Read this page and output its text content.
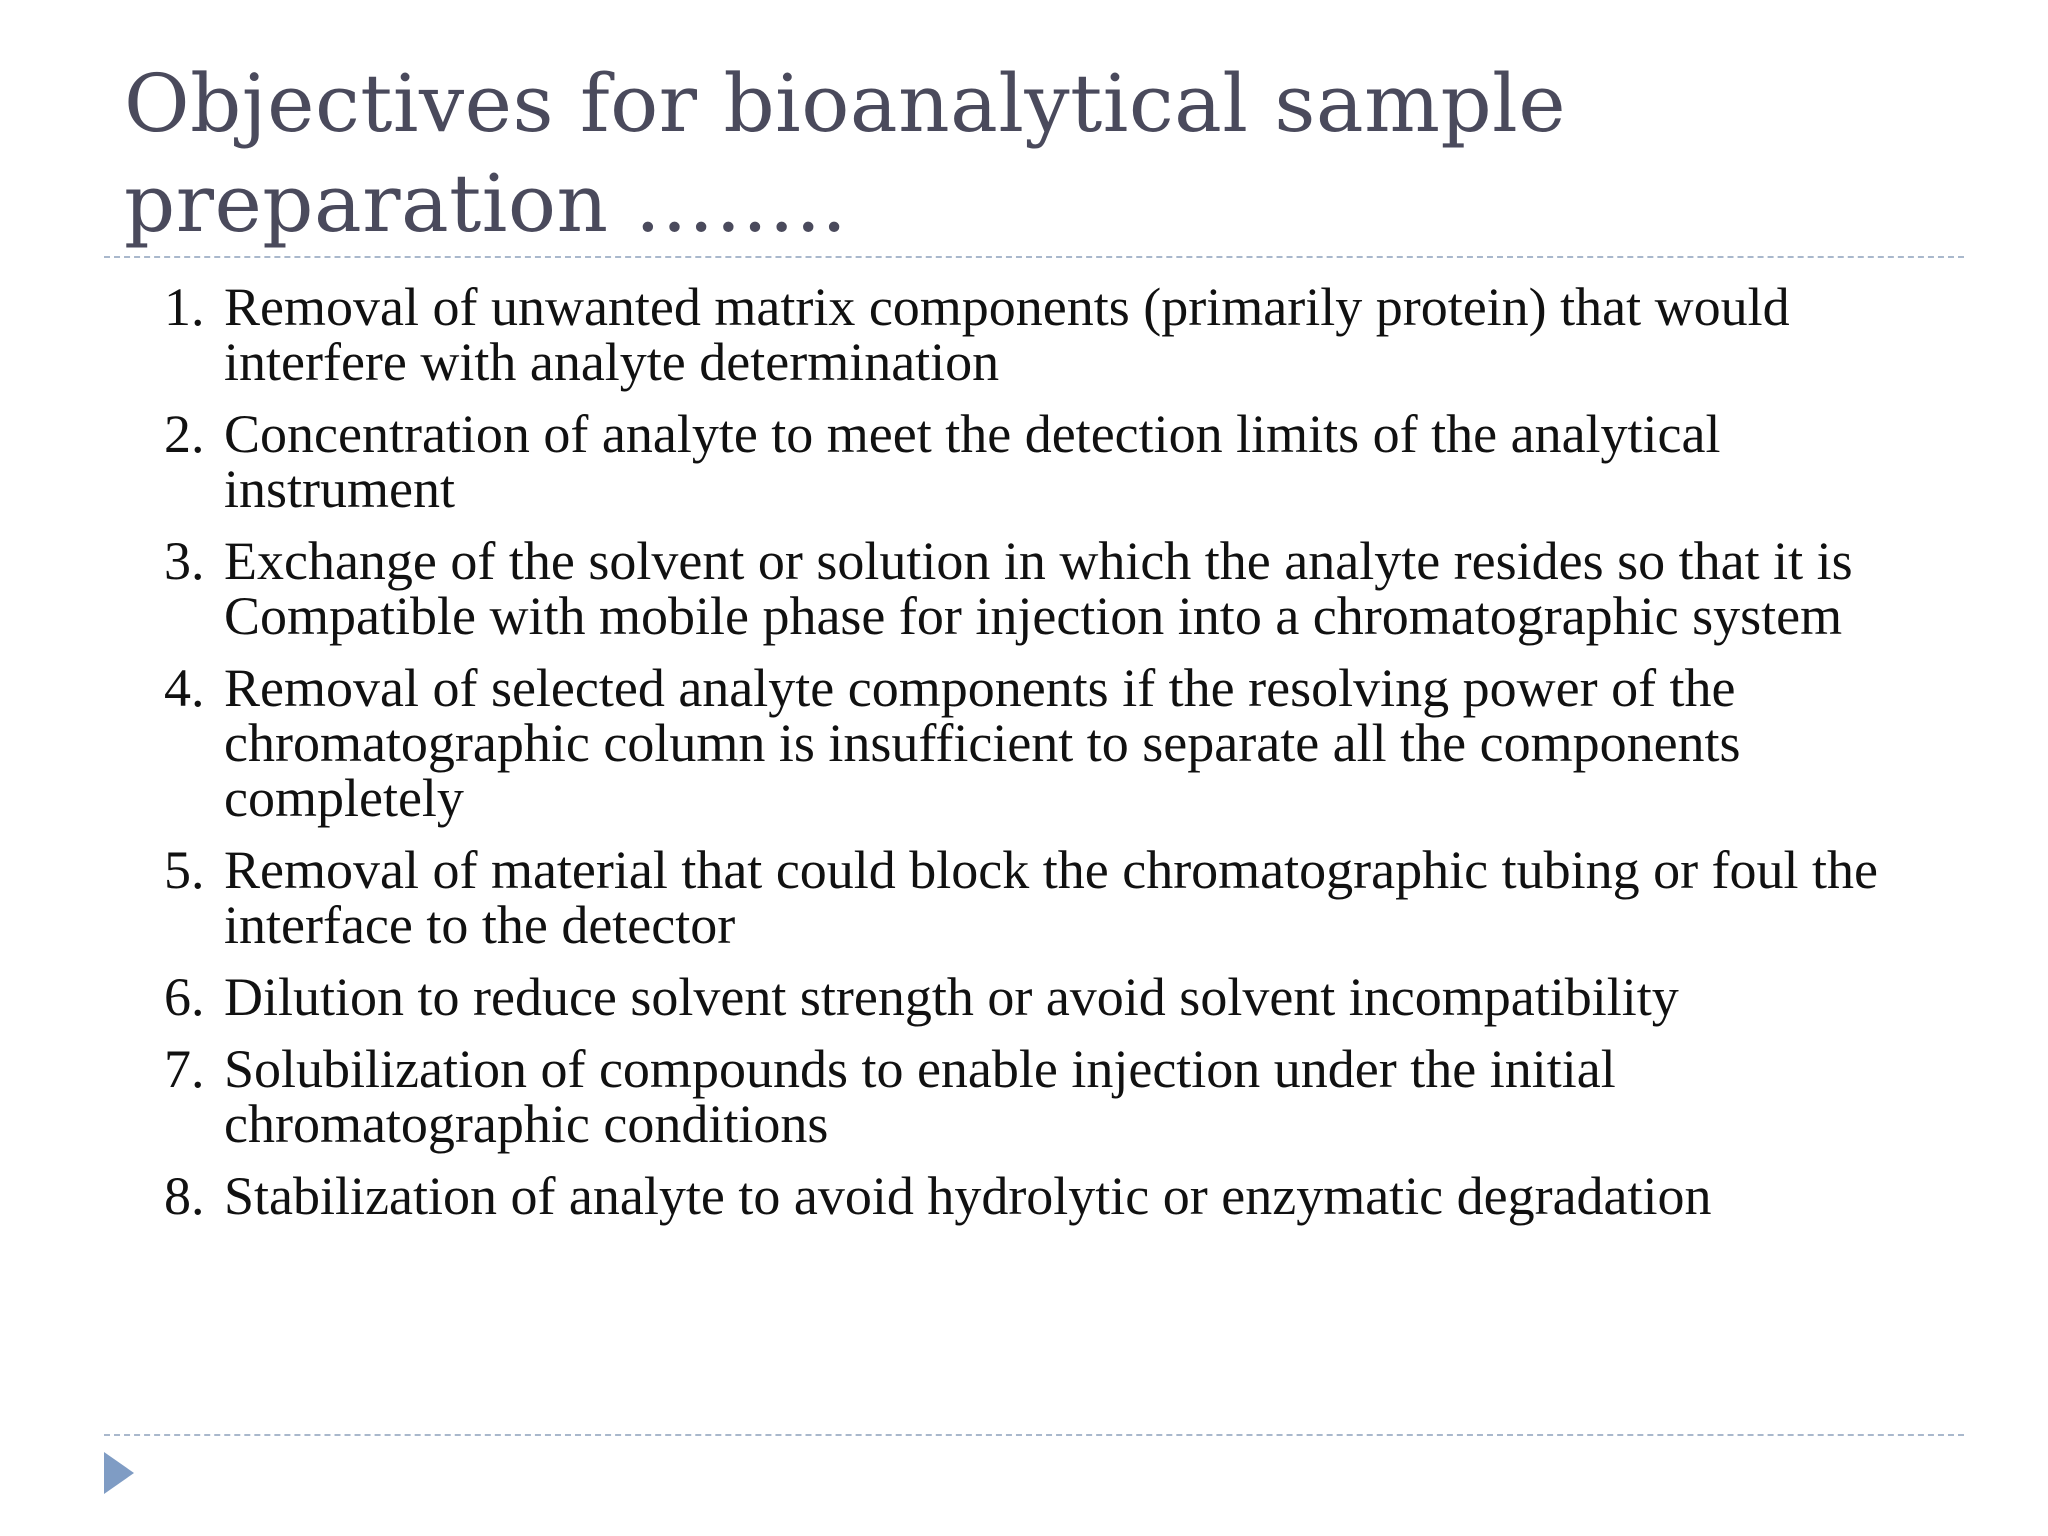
Objectives for bioanalytical sample preparation ……..
1. Removal of unwanted matrix components (primarily protein) that would interfere with analyte determination
2. Concentration of analyte to meet the detection limits of the analytical instrument
3. Exchange of the solvent or solution in which the analyte resides so that it is Compatible with mobile phase for injection into a chromatographic system
4. Removal of selected analyte components if the resolving power of the chromatographic column is insufficient to separate all the components completely
5. Removal of material that could block the chromatographic tubing or foul the interface to the detector
6. Dilution to reduce solvent strength or avoid solvent incompatibility
7. Solubilization of compounds to enable injection under the initial chromatographic conditions
8. Stabilization of analyte to avoid hydrolytic or enzymatic degradation
